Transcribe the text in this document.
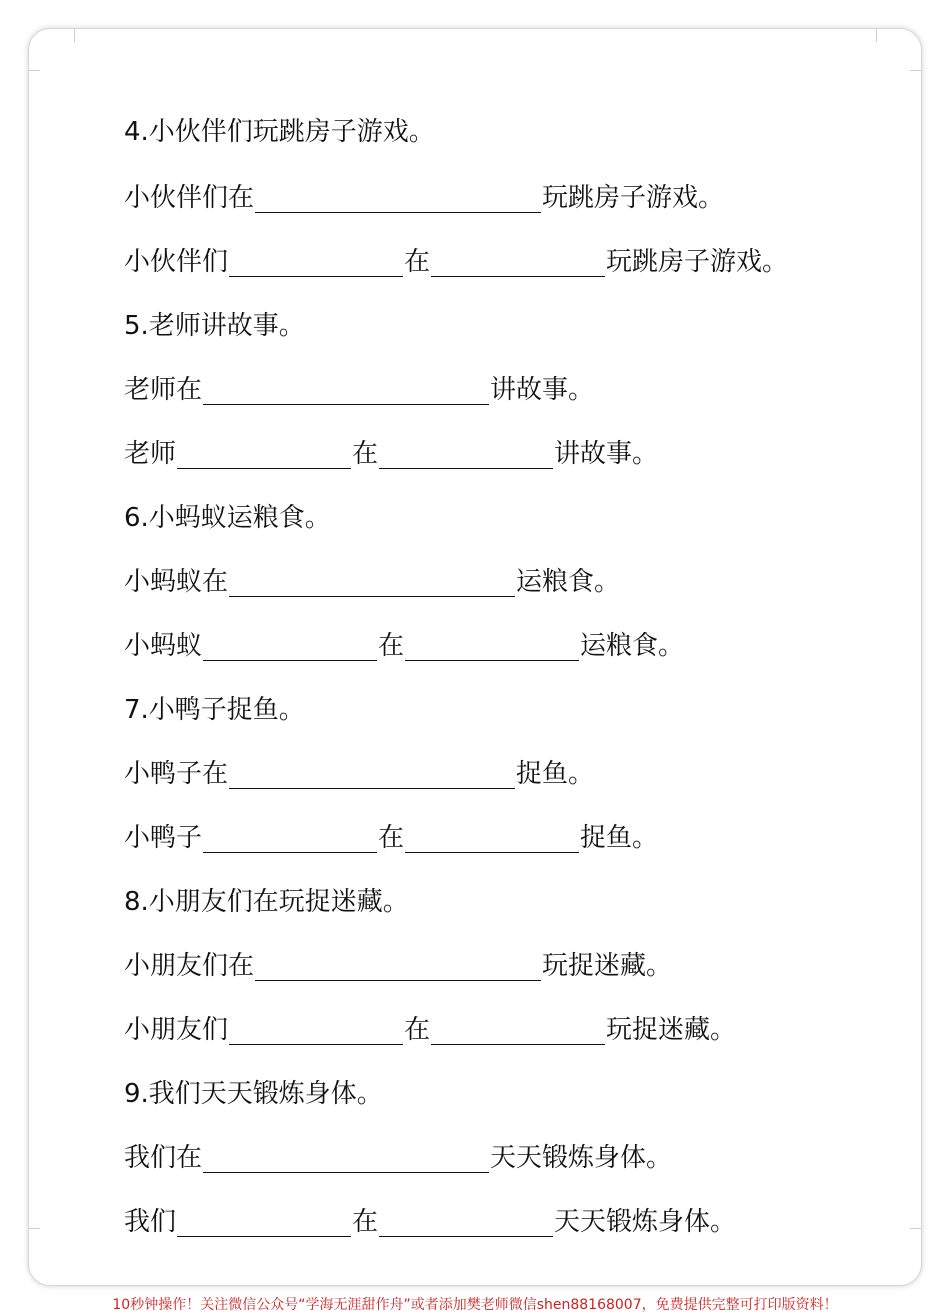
4.小伙伴们玩跳房子游戏。
小伙伴们在	玩跳房子游戏。
小伙伴们	在	玩跳房子游戏。
5.老师讲故事。
老师在	讲故事。
老师	在	讲故事。
6.小蚂蚁运粮食。
小蚂蚁在	运粮食。
小蚂蚁	在	运粮食。
7.小鸭子捉鱼。
小鸭子在	捉鱼。
小鸭子	在	捉鱼。
8.小朋友们在玩捉迷藏。
小朋友们在	玩捉迷藏。
小朋友们	在	玩捉迷藏。
9.我们天天锻炼身体。
我们在	天天锻炼身体。
我们	在	天天锻炼身体。
10秒钟操作！关注微信公众号“学海无涯甜作舟”或者添加樊老师微信shen88168007，免费提供完整可打印版资料！
